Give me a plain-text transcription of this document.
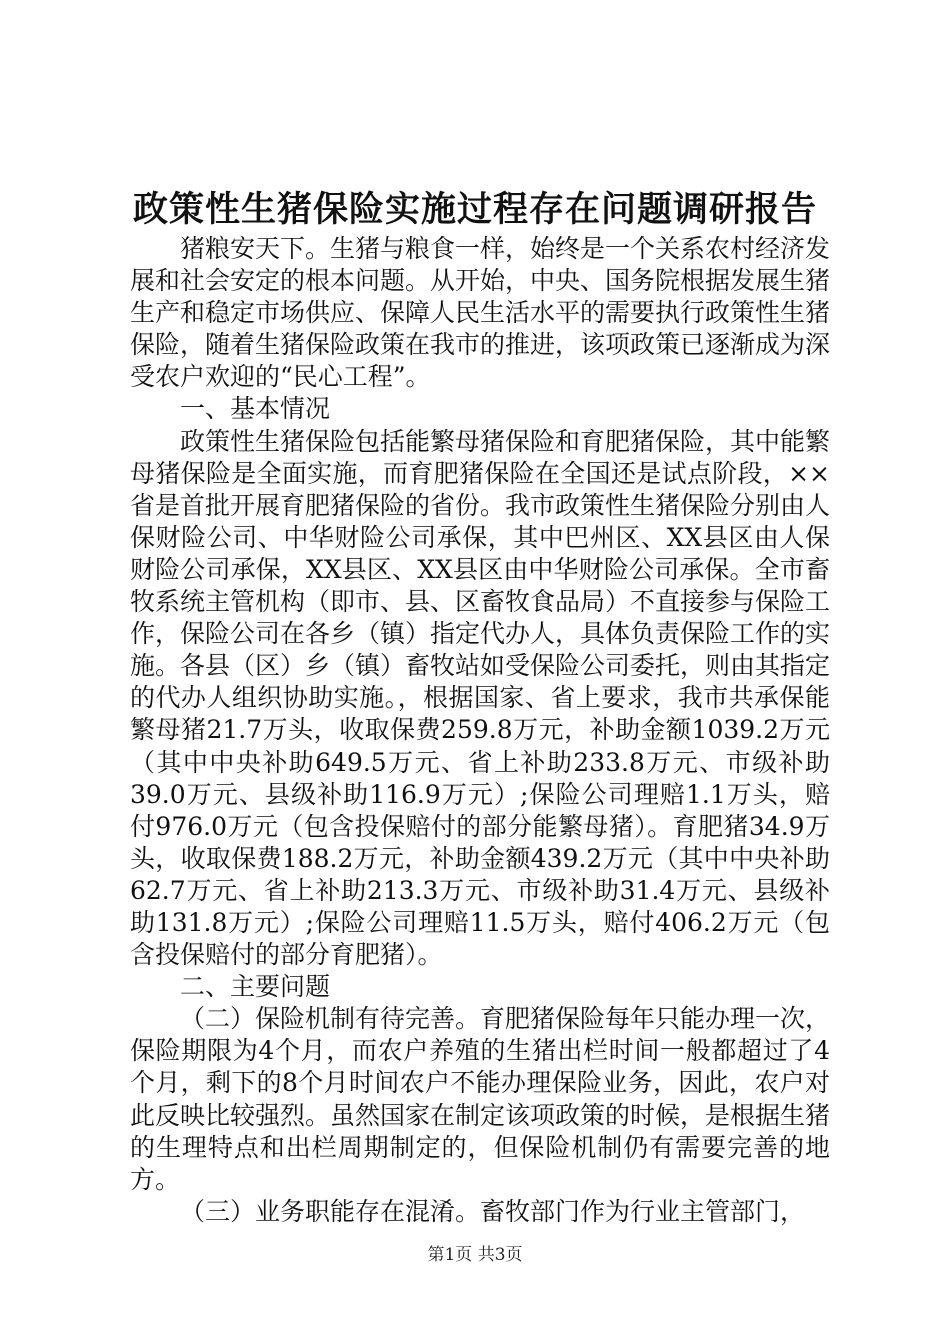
政策性生猪保险实施过程存在问题调研报告

猪粮安天下。生猪与粮食一样，始终是一个关系农村经济发展和社会安定的根本问题。从开始，中央、国务院根据发展生猪生产和稳定市场供应、保障人民生活水平的需要执行政策性生猪保险，随着生猪保险政策在我市的推进，该项政策已逐渐成为深受农户欢迎的“民心工程”。

一、基本情况

政策性生猪保险包括能繁母猪保险和育肥猪保险，其中能繁母猪保险是全面实施，而育肥猪保险在全国还是试点阶段，××省是首批开展育肥猪保险的省份。我市政策性生猪保险分别由人保财险公司、中华财险公司承保，其中巴州区、XX县区由人保财险公司承保，XX县区、XX县区由中华财险公司承保。全市畜牧系统主管机构（即市、县、区畜牧食品局）不直接参与保险工作，保险公司在各乡（镇）指定代办人，具体负责保险工作的实施。各县（区）乡（镇）畜牧站如受保险公司委托，则由其指定的代办人组织协助实施。，根据国家、省上要求，我市共承保能繁母猪21.7万头，收取保费259.8万元，补助金额1039.2万元（其中中央补助649.5万元、省上补助233.8万元、市级补助39.0万元、县级补助116.9万元）;保险公司理赔1.1万头，赔付976.0万元（包含投保赔付的部分能繁母猪）。育肥猪34.9万头，收取保费188.2万元，补助金额439.2万元（其中中央补助62.7万元、省上补助213.3万元、市级补助31.4万元、县级补助131.8万元）;保险公司理赔11.5万头，赔付406.2万元（包含投保赔付的部分育肥猪）。

二、主要问题

（二）保险机制有待完善。育肥猪保险每年只能办理一次，保险期限为4个月，而农户养殖的生猪出栏时间一般都超过了4个月，剩下的8个月时间农户不能办理保险业务，因此，农户对此反映比较强烈。虽然国家在制定该项政策的时候，是根据生猪的生理特点和出栏周期制定的，但保险机制仍有需要完善的地方。

（三）业务职能存在混淆。畜牧部门作为行业主管部门，

第1页 共3页
